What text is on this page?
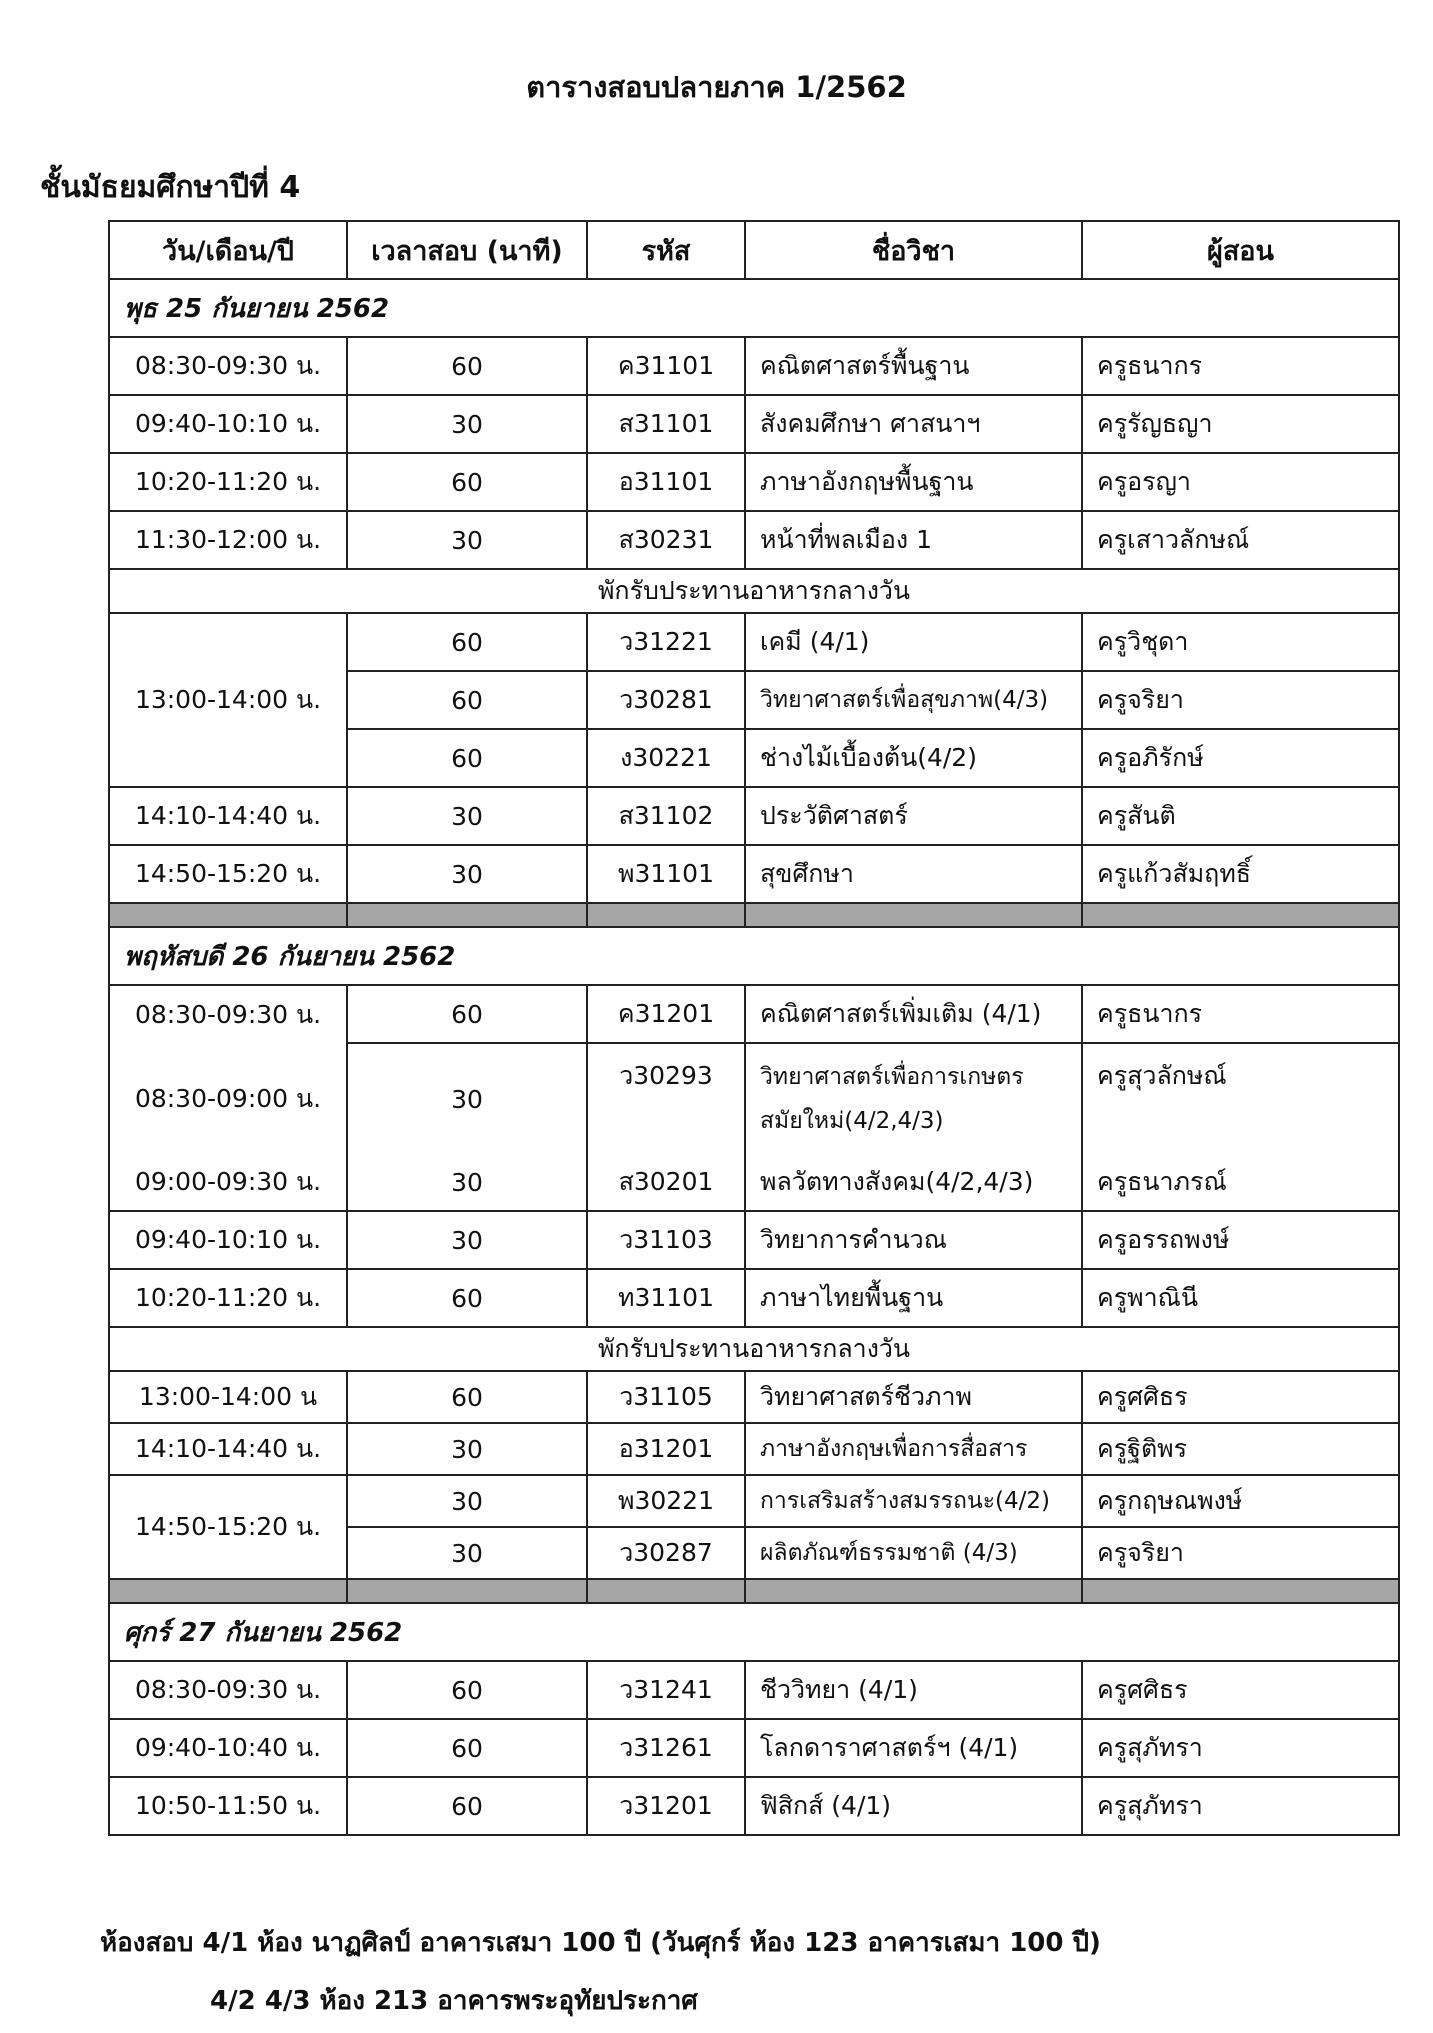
ตารางสอบปลายภาค 1/2562
ชั้นมัธยมศึกษาปีที่ 4
วัน/เดือน/ปี	เวลาสอบ (นาที)	รหัส	ชื่อวิชา	ผู้สอน
พุธ 25 กันยายน 2562				
08:30-09:30 น.	60	ค31101	คณิตศาสตร์พื้นฐาน	ครูธนากร
09:40-10:10 น.	30	ส31101	สังคมศึกษา ศาสนาฯ	ครูรัญธญา
10:20-11:20 น.	60	อ31101	ภาษาอังกฤษพื้นฐาน	ครูอรญา
11:30-12:00 น.	30	ส30231	หน้าที่พลเมือง 1	ครูเสาวลักษณ์
พักรับประทานอาหารกลางวัน				
13:00-14:00 น.	60	ว31221	เคมี (4/1)	ครูวิชุดา
	60	ว30281	วิทยาศาสตร์เพื่อสุขภาพ(4/3)	ครูจริยา
	60	ง30221	ช่างไม้เบื้องต้น(4/2)	ครูอภิรักษ์
14:10-14:40 น.	30	ส31102	ประวัติศาสตร์	ครูสันติ
14:50-15:20 น.	30	พ31101	สุขศึกษา	ครูแก้วสัมฤทธิ์

พฤหัสบดี 26 กันยายน 2562				
08:30-09:30 น.	60	ค31201	คณิตศาสตร์เพิ่มเติม (4/1)	ครูธนากร
08:30-09:00 น.	30	ว30293	วิทยาศาสตร์เพื่อการเกษตร
สมัยใหม่(4/2,4/3)	ครูสุวลักษณ์
09:00-09:30 น.	30	ส30201	พลวัตทางสังคม(4/2,4/3)	ครูธนาภรณ์
09:40-10:10 น.	30	ว31103	วิทยาการคำนวณ	ครูอรรถพงษ์
10:20-11:20 น.	60	ท31101	ภาษาไทยพื้นฐาน	ครูพาณินี
พักรับประทานอาหารกลางวัน				
13:00-14:00 น	60	ว31105	วิทยาศาสตร์ชีวภาพ	ครูศศิธร
14:10-14:40 น.	30	อ31201	ภาษาอังกฤษเพื่อการสื่อสาร	ครูฐิติพร
14:50-15:20 น.	30	พ30221	การเสริมสร้างสมรรถนะ(4/2)	ครูกฤษณพงษ์
	30	ว30287	ผลิตภัณฑ์ธรรมชาติ (4/3)	ครูจริยา

ศุกร์ 27 กันยายน 2562				
08:30-09:30 น.	60	ว31241	ชีววิทยา (4/1)	ครูศศิธร
09:40-10:40 น.	60	ว31261	โลกดาราศาสตร์ฯ (4/1)	ครูสุภัทรา
10:50-11:50 น.	60	ว31201	ฟิสิกส์ (4/1)	ครูสุภัทรา
ห้องสอบ 4/1 ห้อง นาฏศิลป์ อาคารเสมา 100 ปี (วันศุกร์ ห้อง 123 อาคารเสมา 100 ปี)
4/2 4/3 ห้อง 213 อาคารพระอุทัยประกาศ
